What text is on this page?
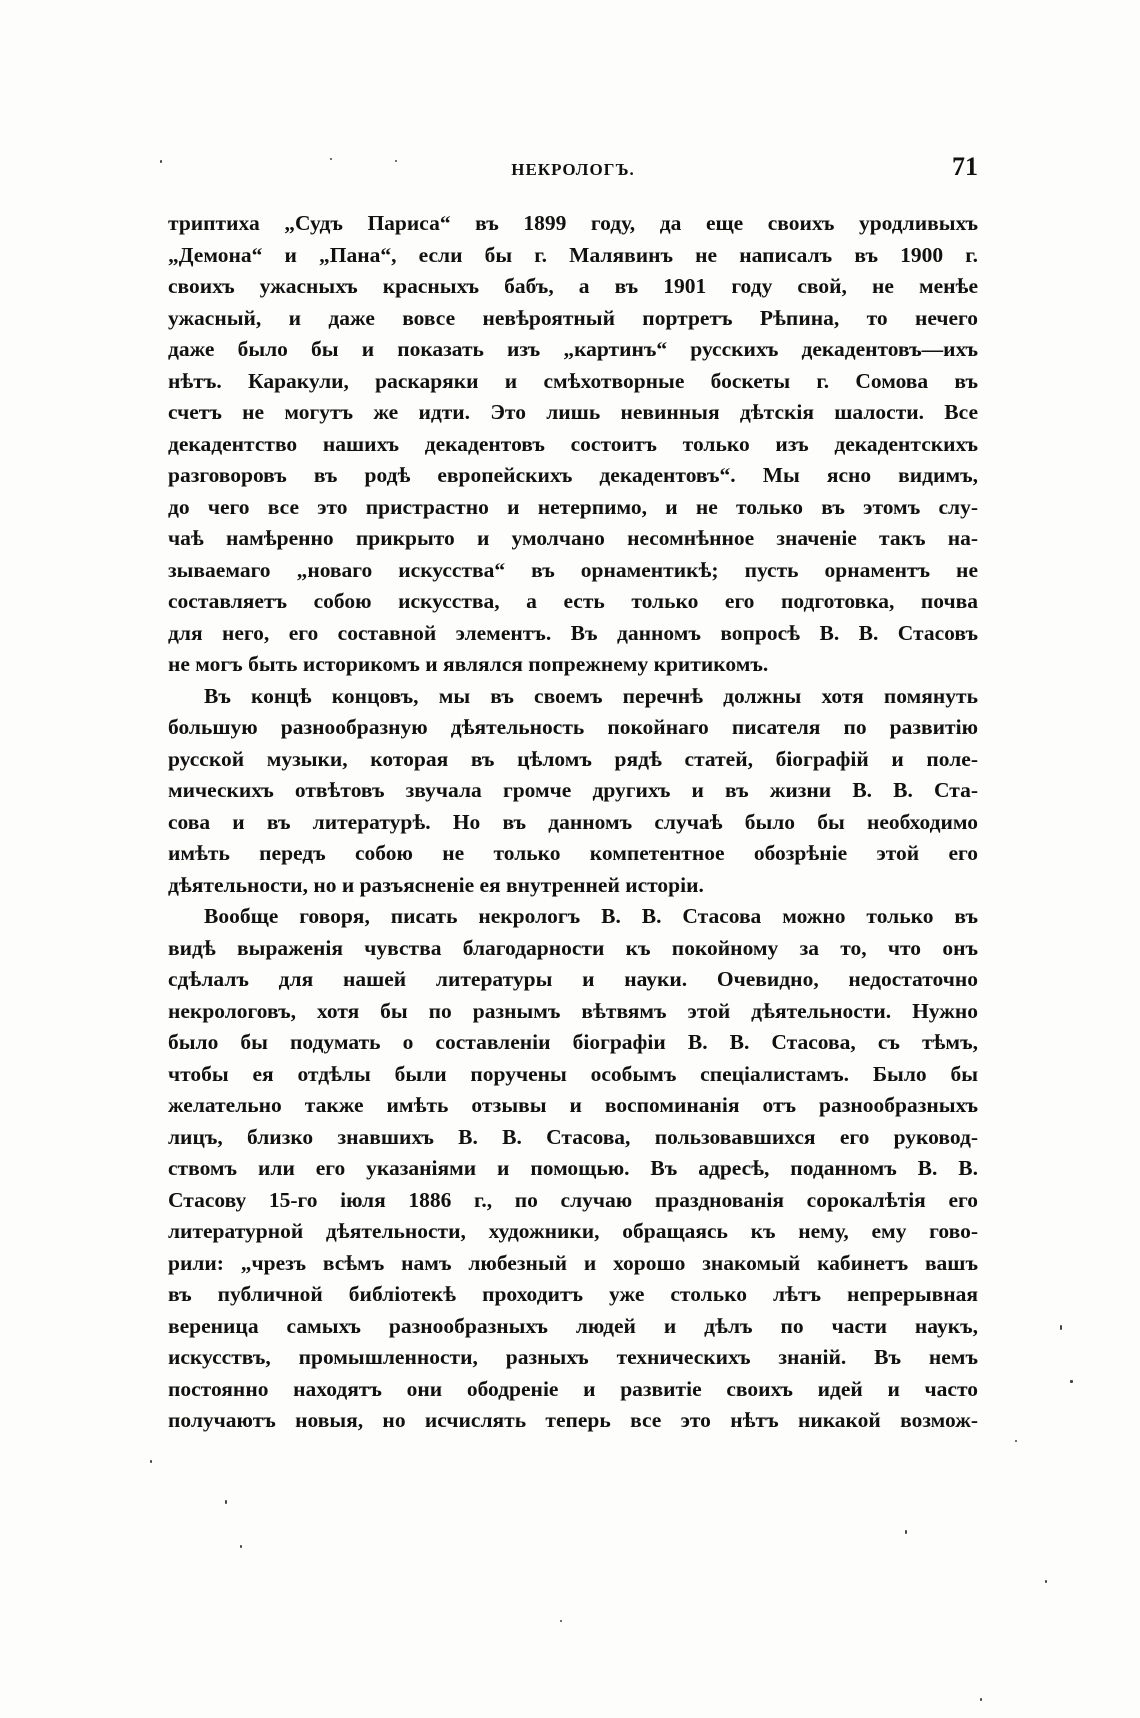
НЕКРОЛОГЪ.	71
триптиха „Судъ Париса“ въ 1899 году, да еще своихъ уродливыхъ
„Демона“ и „Пана“, если бы г. Малявинъ не написалъ въ 1900 г.
своихъ ужасныхъ красныхъ бабъ, а въ 1901 году свой, не менѣе
ужасный, и даже вовсе невѣроятный портретъ Рѣпина, то нечего
даже было бы и показать изъ „картинъ“ русскихъ декадентовъ—ихъ
нѣтъ. Каракули, раскаряки и смѣхотворные боскеты г. Сомова въ
счетъ не могутъ же идти. Это лишь невинныя дѣтскія шалости. Все
декадентство нашихъ декадентовъ состоитъ только изъ декадентскихъ
разговоровъ въ родѣ европейскихъ декадентовъ“. Мы ясно видимъ,
до чего все это пристрастно и нетерпимо, и не только въ этомъ слу-
чаѣ намѣренно прикрыто и умолчано несомнѣнное значеніе такъ на-
зываемаго „новаго искусства“ въ орнаментикѣ; пусть орнаментъ не
составляетъ собою искусства, а есть только его подготовка, почва
для него, его составной элементъ. Въ данномъ вопросѣ В. В. Стасовъ
не могъ быть историкомъ и являлся попрежнему критикомъ.
Въ концѣ концовъ, мы въ своемъ перечнѣ должны хотя помянуть
большую разнообразную дѣятельность покойнаго писателя по развитію
русской музыки, которая въ цѣломъ рядѣ статей, біографій и поле-
мическихъ отвѣтовъ звучала громче другихъ и въ жизни В. В. Ста-
сова и въ литературѣ. Но въ данномъ случаѣ было бы необходимо
имѣть передъ собою не только компетентное обозрѣніе этой его
дѣятельности, но и разъясненіе ея внутренней исторіи.
Вообще говоря, писать некрологъ В. В. Стасова можно только въ
видѣ выраженія чувства благодарности къ покойному за то, что онъ
сдѣлалъ для нашей литературы и науки. Очевидно, недостаточно
некрологовъ, хотя бы по разнымъ вѣтвямъ этой дѣятельности. Нужно
было бы подумать о составленіи біографіи В. В. Стасова, съ тѣмъ,
чтобы ея отдѣлы были поручены особымъ спеціалистамъ. Было бы
желательно также имѣть отзывы и воспоминанія отъ разнообразныхъ
лицъ, близко знавшихъ В. В. Стасова, пользовавшихся его руковод-
ствомъ или его указаніями и помощью. Въ адресѣ, поданномъ В. В.
Стасову 15-го іюля 1886 г., по случаю празднованія сорокалѣтія его
литературной дѣятельности, художники, обращаясь къ нему, ему гово-
рили: „чрезъ всѣмъ намъ любезный и хорошо знакомый кабинетъ вашъ
въ публичной библіотекѣ проходитъ уже столько лѣтъ непрерывная
вереница самыхъ разнообразныхъ людей и дѣлъ по части наукъ,
искусствъ, промышленности, разныхъ техническихъ знаній. Въ немъ
постоянно находятъ они ободреніе и развитіе своихъ идей и часто
получаютъ новыя, но исчислять теперь все это нѣтъ никакой возмож-
